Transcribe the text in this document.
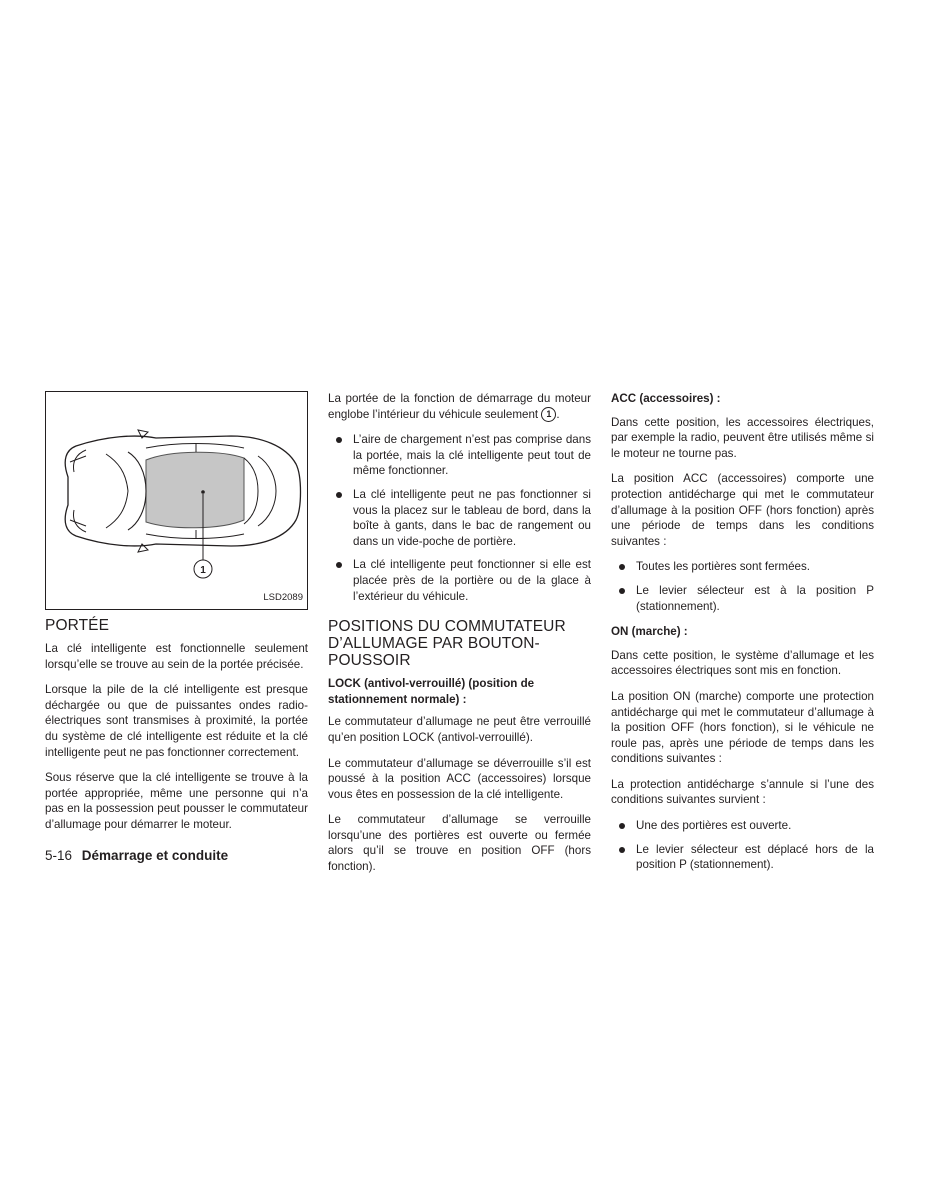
1
LSD2089
PORTÉE

La clé intelligente est fonctionnelle seulement lorsqu’elle se trouve au sein de la portée précisée.

Lorsque la pile de la clé intelligente est presque déchargée ou que de puissantes ondes radio-électriques sont transmises à proximité, la portée du système de clé intelligente est réduite et la clé intelligente peut ne pas fonctionner correctement.

Sous réserve que la clé intelligente se trouve à la portée appropriée, même une personne qui n’a pas en la possession peut pousser le commutateur d’allumage pour démarrer le moteur.

La portée de la fonction de démarrage du moteur englobe l’intérieur du véhicule seulement 1 .

L’aire de chargement n’est pas comprise dans la portée, mais la clé intelligente peut tout de même fonctionner.
La clé intelligente peut ne pas fonctionner si vous la placez sur le tableau de bord, dans la boîte à gants, dans le bac de rangement ou dans un vide-poche de portière.
La clé intelligente peut fonctionner si elle est placée près de la portière ou de la glace à l’extérieur du véhicule.
POSITIONS DU COMMUTATEUR D’ALLUMAGE PAR BOUTON-POUSSOIR
LOCK (antivol-verrouillé) (position de stationnement normale) :

Le commutateur d’allumage ne peut être verrouillé qu’en position LOCK (antivol-verrouillé).

Le commutateur d’allumage se déverrouille s’il est poussé à la position ACC (accessoires) lorsque vous êtes en possession de la clé intelligente.

Le commutateur d’allumage se verrouille lorsqu’une des portières est ouverte ou fermée alors qu’il se trouve en position OFF (hors fonction).

ACC (accessoires) :

Dans cette position, les accessoires électriques, par exemple la radio, peuvent être utilisés même si le moteur ne tourne pas.

La position ACC (accessoires) comporte une protection antidécharge qui met le commutateur d’allumage à la position OFF (hors fonction) après une période de temps dans les conditions suivantes :

Toutes les portières sont fermées.
Le levier sélecteur est à la position P (stationnement).
ON (marche) :

Dans cette position, le système d’allumage et les accessoires électriques sont mis en fonction.

La position ON (marche) comporte une protection antidécharge qui met le commutateur d’allumage à la position OFF (hors fonction), si le véhicule ne roule pas, après une période de temps dans les conditions suivantes :

La protection antidécharge s’annule si l’une des conditions suivantes survient :

Une des portières est ouverte.
Le levier sélecteur est déplacé hors de la position P (stationnement).
5-16 Démarrage et conduite
